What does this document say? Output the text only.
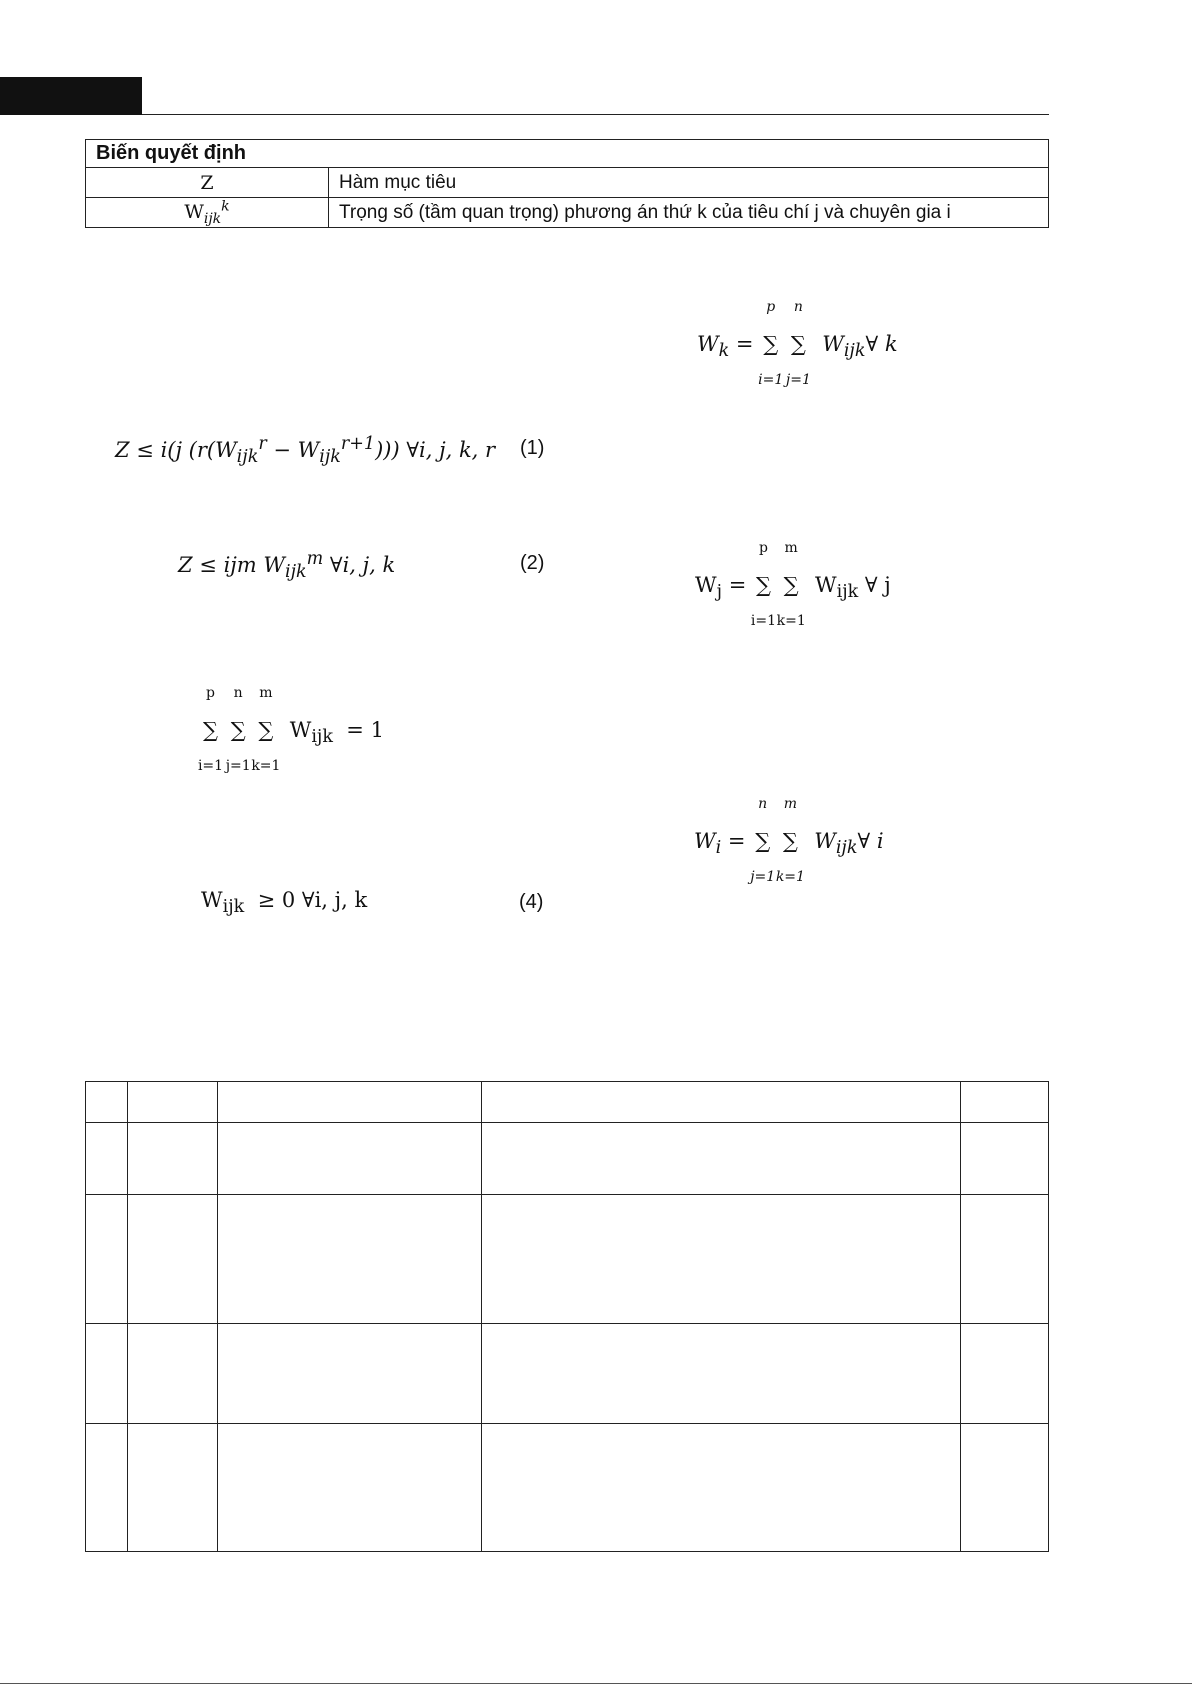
Biến quyết định	
Z	Hàm mục tiêu
$W_{ijk}^k$	Trọng số (tầm quan trọng) phương án thứ k của tiêu chí j và chuyên gia i
$W_k$ = ∑
p
i=1
∑
n
j=1
$W_{ijk}\forall$ k
Z ≤ i(j $(r(W_{ijk}^r - W_{ijk}^{r+1}))$) ∀i, j, k, r (1)
Z ≤ ijm $W_{ijk}^m$ ∀i, j, k	(2)
$W_j$ = ∑
p
i=1
∑
m
k=1
$W_{ijk}$ ∀ j
∑
p
i=1
∑
n
j=1
∑
m
k=1
$W_{ijk} = 1$
$W_i$ = ∑
n
j=1
∑
m
k=1
$W_{ijk}\forall$ i
$W_{ijk} \ge 0$ ∀i, j, k	(4)
